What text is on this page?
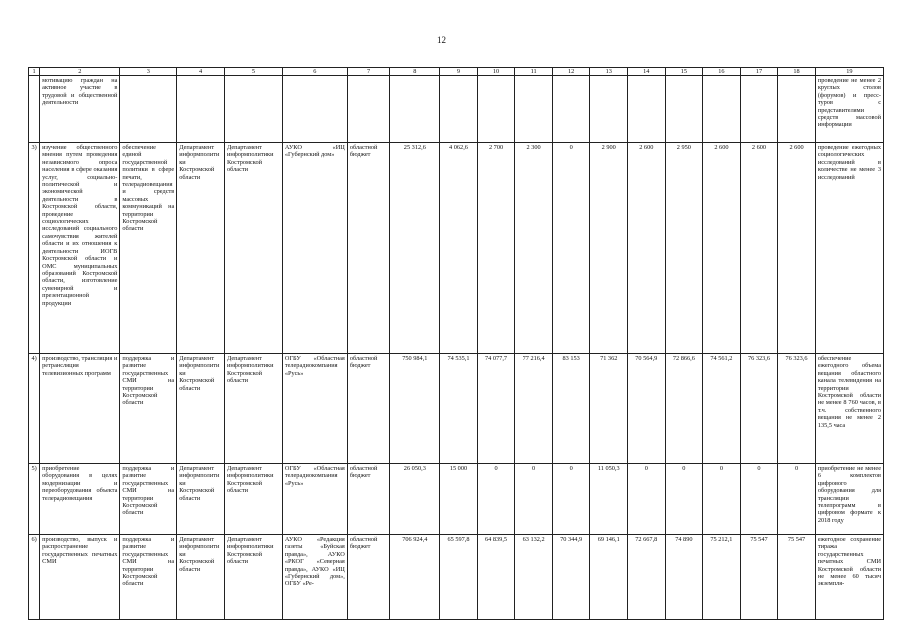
12
1	2	3	4	5	6	7	8	9	10	11	12	13	14	15	16	17	18	19
	мотивацию граждан на активное участие в трудовой и общественной деятельности																	проведение не менее 2 круглых столов (форумов) и пресс-туров с представителями средств массовой информации
3)	изучение общественного мнения путем проведения независимого опроса населения в сфере оказания услуг, социально-политической и экономической деятельности в Костромской области, проведение социологических исследований социального самочувствия жителей области и их отношения к деятельности ИОГВ Костромской области и ОМС муниципальных образований Костромской области, изготовление сувенирной и презентационной продукции	обеспечение единой государственной политики в сфере печати, телерадиовещания и средств массовых коммуникаций на территории Костромской области	Департамент информполитики Костромской области	Департамент информполитики Костромской области	АУКО «ИЦ «Губернский дом»	областной бюджет	25 312,6	4 062,6	2 700	2 300	0	2 900	2 600	2 950	2 600	2 600	2 600	проведение ежегодных социологических исследований в количестве не менее 3 исследований
4)	производство, трансляция и ретрансляция телевизионных программ	поддержка и развитие государственных СМИ на территории Костромской области	Департамент информполитики Костромской области	Департамент информполитики Костромской области	ОГБУ «Областная телерадиокомпания «Русь»	областной бюджет	750 984,1	74 535,1	74 077,7	77 216,4	83 153	71 362	70 564,9	72 866,6	74 561,2	76 323,6	76 323,6	обеспечение ежегодного объема вещания областного канала телевидения на территории Костромской области не менее 8 760 часов, в т.ч. собственного вещания не менее 2 135,5 часа
5)	приобретение оборудования в целях модернизации и переоборудования объекта телерадиовещания	поддержка и развитие государственных СМИ на территории Костромской области	Департамент информполитики Костромской области	Департамент информполитики Костромской области	ОГБУ «Областная телерадиокомпания «Русь»	областной бюджет	26 050,3	15 000	0	0	0	11 050,3	0	0	0	0	0	приобретение не менее 6 комплектов цифрового оборудования для трансляции телепрограмм в цифровом формате к 2018 году
6)	производство, выпуск и распространение государственных печатных СМИ	поддержка и развитие государственных СМИ на территории Костромской области	Департамент информполитики Костромской области	Департамент информполитики Костромской области	АУКО «Редакция газеты «Буйская правда», АУКО «РКОГ «Северная правда», АУКО «ИЦ «Губернский дом», ОГБУ «Ре-	областной бюджет	706 924,4	65 597,8	64 839,5	63 132,2	70 344,9	69 146,1	72 667,8	74 890	75 212,1	75 547	75 547	ежегодное сохранение тиража государственных печатных СМИ Костромской области не менее 60 тысяч экземпля-
